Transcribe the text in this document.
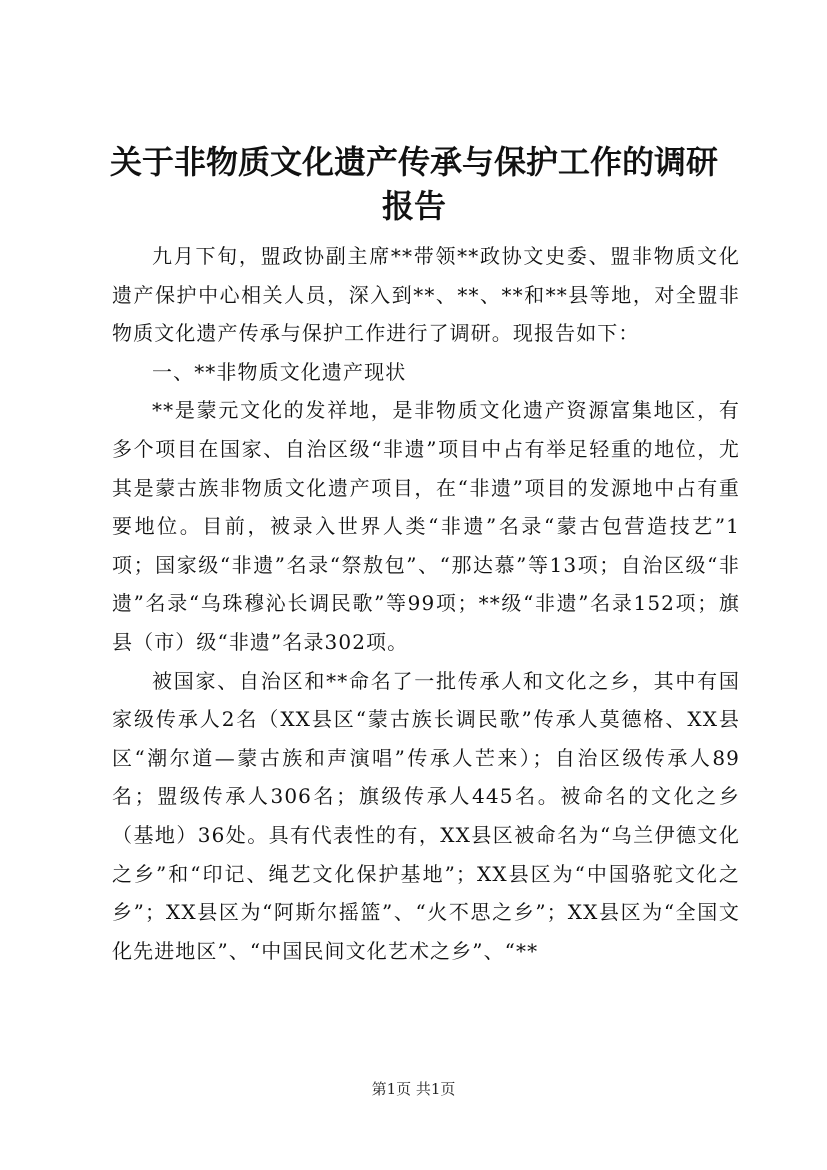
关于非物质文化遗产传承与保护工作的调研报告

九月下旬，盟政协副主席**带领**政协文史委、盟非物质文化遗产保护中心相关人员，深入到**、**、**和**县等地，对全盟非物质文化遗产传承与保护工作进行了调研。现报告如下：

一、**非物质文化遗产现状

**是蒙元文化的发祥地，是非物质文化遗产资源富集地区，有多个项目在国家、自治区级“非遗”项目中占有举足轻重的地位，尤其是蒙古族非物质文化遗产项目，在“非遗”项目的发源地中占有重要地位。目前，被录入世界人类“非遗”名录“蒙古包营造技艺”1项；国家级“非遗”名录“祭敖包”、“那达慕”等13项；自治区级“非遗”名录“乌珠穆沁长调民歌”等99项；**级“非遗”名录152项；旗县（市）级“非遗”名录302项。

被国家、自治区和**命名了一批传承人和文化之乡，其中有国家级传承人2名（XX县区“蒙古族长调民歌”传承人莫德格、XX县区“潮尔道—蒙古族和声演唱”传承人芒来）；自治区级传承人89名；盟级传承人306名；旗级传承人445名。被命名的文化之乡（基地）36处。具有代表性的有，XX县区被命名为“乌兰伊德文化之乡”和“印记、绳艺文化保护基地”；XX县区为“中国骆驼文化之乡”；XX县区为“阿斯尔摇篮”、“火不思之乡”；XX县区为“全国文化先进地区”、“中国民间文化艺术之乡”、“**

第1页 共1页
